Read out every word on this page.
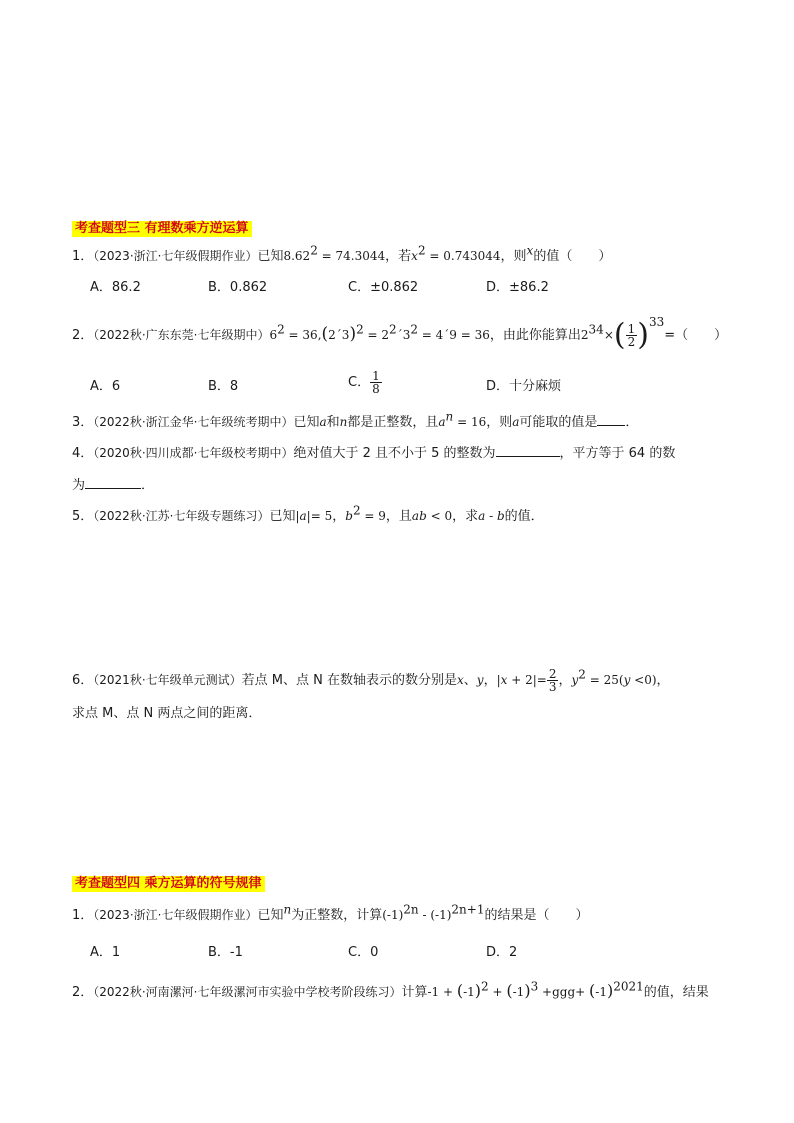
考查题型三 有理数乘方逆运算
1．（2023·浙江·七年级假期作业）已知$8.62^2 = 74.3044$，若$x^2 = 0.743044$，则$^x$的值（　　）
A．86.2	B．0.862	C．±0.862	D．±86.2
2．（2022秋·广东东莞·七年级期中）$6^2$ = 36,(2´3)$^2$ = $2^2´3^2$ = 4´9 = 36，由此你能算出$2^{34}\times( \frac{1}{2} )^{33}=$（　　）
A．6	B．8	C． $\frac{1}{8}$	D．十分麻烦
3．（2022秋·浙江金华·七年级统考期中）已知a和n都是正整数，且$a^n = 16$，则a可能取的值是 ．
4．（2020秋·四川成都·七年级校考期中）绝对值大于 2 且不小于 5 的整数为	，平方等于 64 的数
为	．
5．（2022秋·江苏·七年级专题练习）已知|a|= 5，$b^2 = 9$，且ab < 0，求a - b的值．
6．（2021秋·七年级单元测试）若点 M、点 N 在数轴表示的数分别是x、y，$|x + 2|= \frac{2}{3}$ ，$y^2 = 25(y <0)$，
求点 M、点 N 两点之间的距离．
考查题型四 乘方运算的符号规律
1．（2023·浙江·七年级假期作业）已知$^n$为正整数，计算$(-1)^{2n} - (-1)^{2n+1}$的结果是（　　）
A．1	B．-1	C．0	D．2
2．（2022秋·河南漯河·七年级漯河市实验中学校考阶段练习）计算$-1 + (-1)^2 + (-1)^3 +ggg+ (-1)^{2021}$的值，结果
